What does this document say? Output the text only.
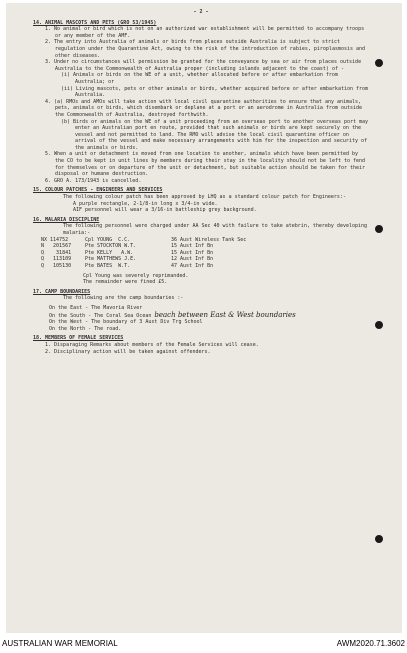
- 2 -
14. ANIMAL MASCOTS AND PETS (GRO 53/1945)
1. No animal or bird which is not on an authorized war establishment will be permitted to accompany troops or any member of the AMF.
2. The entry into Australia of animals or birds from places outside Australia is subject to strict regulation under the Quarantine Act, owing to the risk of the introduction of rabies, piroplasmosis and other diseases.
3. Under no circumstances will permission be granted for the conveyance by sea or air from places outside Australia to the Commonwealth of Australia proper (including islands adjacent to the coast) of -
(i) Animals or birds on the WE of a unit, whether allocated before or after embarkation from Australia; or
(ii) Living mascots, pets or other animals or birds, whether acquired before or after embarkation from Australia.
4. (a) RMOs and AMOs will take action with local civil quarantine authorities to ensure that any animals, pets, animals or birds, which disembark or deplane at a port or an aerodrome in Australia from outside the Commonwealth of Australia, destroyed forthwith.
(b) Birds or animals on the WE of a unit proceeding from an overseas port to another overseas port may enter an Australian port en route, provided that such animals or birds are kept securely on the vessel and not permitted to land. The RMO will advise the local civil quarantine officer on arrival of the vessel and make necessary arrangements with him for the inspection and security of the animals or birds.
5. When a unit or detachment is moved from one location to another, animals which have been permitted by the CO to be kept in unit lines by members during their stay in the locality should not be left to fend for themselves or on departure of the unit or detachment, but suitable action should be taken for their disposal or humane destruction.
6. GRO A. 173/1943 is cancelled.
15. COLOUR PATCHES - ENGINEERS AND SERVICES
The following colour patch has been approved by LHQ as a standard colour patch for Engineers:-
A purple rectangle, 2-1/8-in long x 3/4-in wide.
AIF personnel will wear a 3/16-in battleship grey background.
16. MALARIA DISCIPLINE
The following personnel were charged under AA Sec 40 with failure to take atebrin, thereby developing malaria:-
NX 114752	Cpl YOUNG  C.C.	36 Aust Wireless Tank Sec
N   201567	Pte STOCKTON W.T.	15 Aust Inf Bn
Q    31841	Pte KELLY   A.W.	15 Aust Inf Bn
Q   113109	Pte MATTHEWS J.E.	12 Aust Inf Bn
Q   105130	Pte BATES  W.T.	47 Aust Inf Bn
Cpl Young was severely reprimanded.
The remainder were fined £5.
17. CAMP BOUNDARIES
The following are the camp boundaries :-
On the East - The Mavoria River
On the South - The Coral Sea Ocean beach between East & West boundaries
On the West - The boundary of 3 Aust Div Trg School
On the North - The road.
18. MEMBERS OF FEMALE SERVICES
1. Disparaging Remarks about members of the Female Services will cease.
2. Disciplinary action will be taken against offenders.
AUSTRALIAN WAR MEMORIAL	AWM2020.71.3602
